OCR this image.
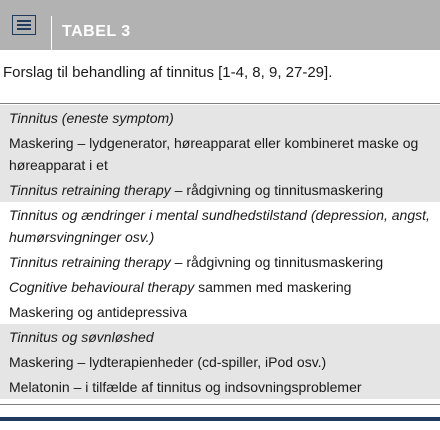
TABEL 3
Forslag til behandling af tinnitus [1-4, 8, 9, 27-29].
Tinnitus (eneste symptom)
Maskering – lydgenerator, høreapparat eller kombineret maske og høreapparat i et
Tinnitus retraining therapy – rådgivning og tinnitusmaskering
Tinnitus og ændringer i mental sundhedstilstand (depression, angst, humørsvingninger osv.)
Tinnitus retraining therapy – rådgivning og tinnitusmaskering
Cognitive behavioural therapy sammen med maskering
Maskering og antidepressiva
Tinnitus og søvnløshed
Maskering – lydterapienheder (cd-spiller, iPod osv.)
Melatonin – i tilfælde af tinnitus og indsovningsproblemer
